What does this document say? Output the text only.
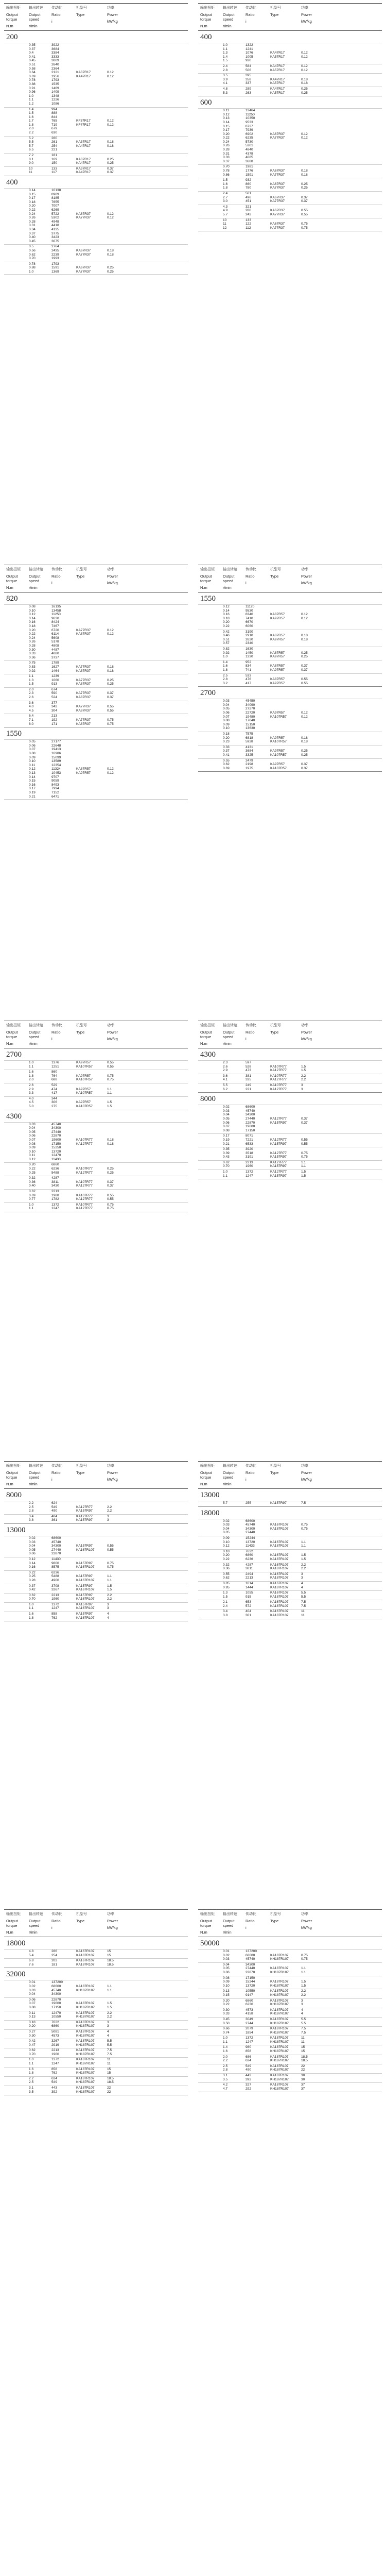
输出扭矩
Output torque
N.m
输出转速
Output speed
r/min
传动比
Ratio
i
机型号
Type
功率
Power
kW/kg
200
0.35	3922
0.37	3684
0.4	3384
0.41	3333
0.45	3009
0.51	2640
0.58	2364
0.64	2121	KA37R17	0.12
0.69	1956	KA47R17	0.12
0.78	1793
0.88	1535
0.91	1469
0.96	1409
1.0	1348
1.1	1226
1.2	1086
1.4	994
1.5	888
1.6	844
1.7	765	KF37R17	0.12
1.8	719	KF47R17	0.12
2.0	679
2.2	630
5.2	280
5.5	261	KA37R17	0.18
5.7	254	KA47R17	0.18
6.5	221
7.2	181
8.1	169	KA37R17	0.25
9.0	150	KA47R17	0.25
10	133	KA37R17	0.37
11	117	KA47R17	0.37
400
0.14	10138
0.15	8989
0.17	8185
0.18	7655
0.20	7007
0.22	6269
0.24	5722	KA67R37	0.12
0.26	5302	KA77R37	0.12
0.28	4948
0.31	4418
0.34	4135
0.37	3775
0.40	3423
0.45	3075
0.5	2764
0.56	2435	KA67R37	0.18
0.62	2239	KA77R37	0.18
0.70	1993
0.78	1793
0.88	1591	KA67R37	0.25
1.0	1369	KA77R37	0.25
输出扭矩
Output torque
N.m
输出转速
Output speed
r/min
传动比
Ratio
i
机型号
Type
功率
Power
kW/kg
400
1.0	1322
1.1	1241
1.3	1076	KA47R17	0.12
1.4	1005	KA57R17	0.12
1.5	920
2.4	584	KA47R17	0.12
2.8	506	KA57R17	0.12
3.5	395
3.9	358	KA47R17	0.18
4.1	337	KA57R17	0.18
4.8	289	KA47R17	0.25
5.3	263	KA57R17	0.25
600
0.11	12464
0.12	11250
0.13	10350
0.14	9533
0.15	8727
0.17	7939
0.20	6902	KA67R37	0.12
0.22	6235	KA77R37	0.12
0.24	5730
0.26	5301
0.28	4840
0.31	4378
0.33	4085
0.37	3688
0.70	1981
0.78	1776	KA67R37	0.18
0.86	1591	KA77R37	0.18
1.5	932
1.6	860	KA67R37	0.25
1.8	780	KA77R37	0.25
2.4	561
2.7	496	KA67R37	0.37
3.0	451	KA77R37	0.37
4.3	321
4.9	280	KA67R37	0.55
5.7	242	KA77R37	0.55
10	133
11	122	KA67R37	0.75
12	112	KA77R37	0.75
输出扭矩
Output torque
N.m
输出转速
Output speed
r/min
传动比
Ratio
i
机型号
Type
功率
Power
kW/kg
820
0.08	16135
0.10	13458
0.12	11250
0.14	9630
0.16	8424
0.18	7467
0.20	6720	KA77R37	0.12
0.22	6114	KA87R37	0.12
0.24	5608
0.26	5178
0.28	4808
0.30	4487
0.33	4080
0.36	3737
0.75	1789
0.83	1627	KA77R37	0.18
0.92	1464	KA87R37	0.18
1.1	1239
1.3	1060	KA77R37	0.25
1.5	913	KA87R37	0.25
2.0	674
2.3	590	KA77R37	0.37
2.6	524	KA87R37	0.37
3.6	377
4.0	342	KA77R37	0.55
4.5	304	KA87R37	0.55
6.4	213
7.1	192	KA77R37	0.75
8.0	171	KA87R37	0.75
1550
0.05	27177
0.06	22648
0.07	19413
0.08	16986
0.09	15099
0.10	13589
0.11	12354
0.12	11324	KA87R57	0.12
0.13	10453	KA97R57	0.12
0.14	9707
0.15	9059
0.16	8493
0.17	7994
0.19	7152
0.21	6471
输出扭矩
Output torque
N.m
输出转速
Output speed
r/min
传动比
Ratio
i
机型号
Type
功率
Power
kW/kg
1550
0.12	11120
0.14	9530
0.16	8340	KA87R57	0.12
0.18	7410	KA97R57	0.12
0.20	6670
0.22	6060
0.42	3190
0.46	2910	KA87R57	0.18
0.51	2620	KA97R57	0.18
0.57	2340
0.82	1630
0.92	1450	KA87R57	0.25
1.0	1330	KA97R57	0.25
1.4	952
1.6	834	KA87R57	0.37
1.8	741	KA97R57	0.37
2.5	533
2.8	476	KA87R57	0.55
3.2	417	KA97R57	0.55
2700
0.03	45450
0.04	34090
0.05	27270
0.06	22720	KA97R57	0.12
0.07	19480	KA107R57	0.12
0.08	17040
0.09	15150
0.10	13630
0.18	7575
0.20	6818	KA97R57	0.18
0.23	5928	KA107R57	0.18
0.33	4131
0.37	3684	KA97R57	0.25
0.41	3325	KA107R57	0.25
0.55	2479
0.62	2198	KA97R57	0.37
0.69	1975	KA107R57	0.37
输出扭矩
Output torque
N.m
输出转速
Output speed
r/min
传动比
Ratio
i
机型号
Type
功率
Power
kW/kg
2700
1.0	1376	KA97R57	0.55
1.1	1251	KA107R57	0.55
1.6	860
1.8	764	KA97R57	0.75
2.0	688	KA107R57	0.75
2.6	529
2.9	474	KA97R57	1.1
3.3	417	KA107R57	1.1
4.0	344
4.5	306	KA97R57	1.5
5.0	275	KA107R57	1.5
4300
0.03	45740
0.04	34300
0.05	27440
0.06	22870
0.07	19600	KA107R77	0.18
0.08	17150	KA127R77	0.18
0.09	15250
0.10	13720
0.11	12470
0.12	11430
0.20	6860
0.22	6236	KA107R77	0.25
0.25	5488	KA127R77	0.25
0.32	4287
0.36	3811	KA107R77	0.37
0.40	3430	KA127R77	0.37
0.62	2213
0.69	1988	KA107R77	0.55
0.77	1782	KA127R77	0.55
1.0	1372	KA107R77	0.75
1.1	1247	KA127R77	0.75
输出扭矩
Output torque
N.m
输出转速
Output speed
r/min
传动比
Ratio
i
机型号
Type
功率
Power
kW/kg
4300
2.3	597
2.6	528	KA107R77	1.5
2.9	473	KA127R77	1.5
3.6	381	KA107R77	2.2
4.1	335	KA127R77	2.2
5.5	249	KA107R77	3
6.2	221	KA127R77	3
8000
0.02	68600
0.03	45740
0.04	34300
0.05	27440	KA127R77	0.37
0.06	22870	KA157R97	0.37
0.07	19600
0.08	17150
0.17	8071
0.19	7221	KA127R77	0.55
0.21	6533	KA157R97	0.55
0.35	3920
0.39	3518	KA127R77	0.75
0.43	3191	KA157R97	0.75
0.62	2213	KA127R77	1.1
0.70	1960	KA157R97	1.1
1.0	1372	KA127R77	1.5
1.1	1247	KA157R97	1.5
输出扭矩
Output torque
N.m
输出转速
Output speed
r/min
传动比
Ratio
i
机型号
Type
功率
Power
kW/kg
8000
2.2	624
2.5	549	KA127R77	2.2
2.8	490	KA157R97	2.2
3.4	404	KA127R77	3
3.8	361	KA157R97	3
13000
0.02	68600
0.03	45740
0.04	34300	KA157R97	0.55
0.05	27440	KA167R107	0.55
0.06	22870
0.12	11430
0.14	9800	KA157R97	0.75
0.16	8575	KA167R107	0.75
0.22	6236
0.25	5488	KA157R97	1.1
0.28	4900	KA167R107	1.1
0.37	3708	KA157R97	1.5
0.42	3267	KA167R107	1.5
0.62	2213	KA157R97	2.2
0.70	1960	KA167R107	2.2
1.0	1372	KA157R97	3
1.1	1247	KA167R107	3
1.6	858	KA157R97	4
1.8	762	KA167R107	4
输出扭矩
Output torque
N.m
输出转速
Output speed
r/min
传动比
Ratio
i
机型号
Type
功率
Power
kW/kg
13000
5.7	255	KA157R97	7.5
18000
0.02	68600
0.03	45740	KA167R107	0.75
0.04	34300	KA187R107	0.75
0.05	27440
0.09	15244
0.10	13720	KA167R107	1.1
0.12	11433	KA187R107	1.1
0.18	7622
0.20	6860	KA167R107	1.5
0.22	6236	KA187R107	1.5
0.32	4287	KA167R107	2.2
0.36	3811	KA187R107	2.2
0.55	2494	KA167R107	3
0.62	2213	KA187R107	3
0.85	1614	KA167R107	4
0.95	1444	KA187R107	4
1.3	1055	KA167R107	5.5
1.5	915	KA187R107	5.5
2.1	653	KA167R107	7.5
2.4	572	KA187R107	7.5
3.4	404	KA167R107	11
3.8	361	KA187R107	11
输出扭矩
Output torque
N.m
输出转速
Output speed
r/min
传动比
Ratio
i
机型号
Type
功率
Power
kW/kg
18000
4.8	286	KA167R107	15
5.4	254	KA187R107	15
6.8	202	KA167R107	18.5
7.6	181	KA187R107	18.5
32000
0.01	137200
0.02	68600	KA187R107	1.1
0.03	45740	KH187R107	1.1
0.04	34300
0.06	22870
0.07	19600	KA187R107	1.5
0.08	17150	KH187R107	1.5
0.11	12470	KA187R107	2.2
0.13	10550	KH187R107	2.2
0.18	7622	KA187R107	3
0.20	6860	KH187R107	3
0.27	5081	KA187R107	4
0.30	4573	KH187R107	4
0.42	3267	KA187R107	5.5
0.47	2919	KH187R107	5.5
0.62	2213	KA187R107	7.5
0.70	1960	KH187R107	7.5
1.0	1372	KA187R107	11
1.1	1247	KH187R107	11
1.6	858	KA187R107	15
1.8	762	KH187R107	15
2.2	624	KA187R107	18.5
2.5	549	KH187R107	18.5
3.1	443	KA187R107	22
3.5	392	KH187R107	22
输出扭矩
Output torque
N.m
输出转速
Output speed
r/min
传动比
Ratio
i
机型号
Type
功率
Power
kW/kg
50000
0.01	137200
0.02	68600	KA187R107	0.75
0.03	45740	KH187R107	0.75
0.04	34300
0.05	27440	KA187R107	1.1
0.06	22870	KH187R107	1.1
0.08	17150
0.09	15244	KA187R107	1.5
0.10	13720	KH187R107	1.5
0.13	10550	KA187R107	2.2
0.15	9147	KH187R107	2.2
0.20	6860	KA187R107	3
0.22	6236	KH187R107	3
0.30	4573	KA187R107	4
0.33	4158	KH187R107	4
0.45	3049	KA187R107	5.5
0.50	2744	KH187R107	5.5
0.66	2079	KA187R107	7.5
0.74	1854	KH187R107	7.5
1.0	1372	KA187R107	11
1.1	1247	KH187R107	11
1.4	980	KA187R107	15
1.6	858	KH187R107	15
2.0	686	KA187R107	18.5
2.2	624	KH187R107	18.5
2.5	549	KA187R107	22
2.8	490	KH187R107	22
3.1	443	KA187R107	30
3.5	392	KH187R107	30
4.2	327	KA187R107	37
4.7	292	KH187R107	37
